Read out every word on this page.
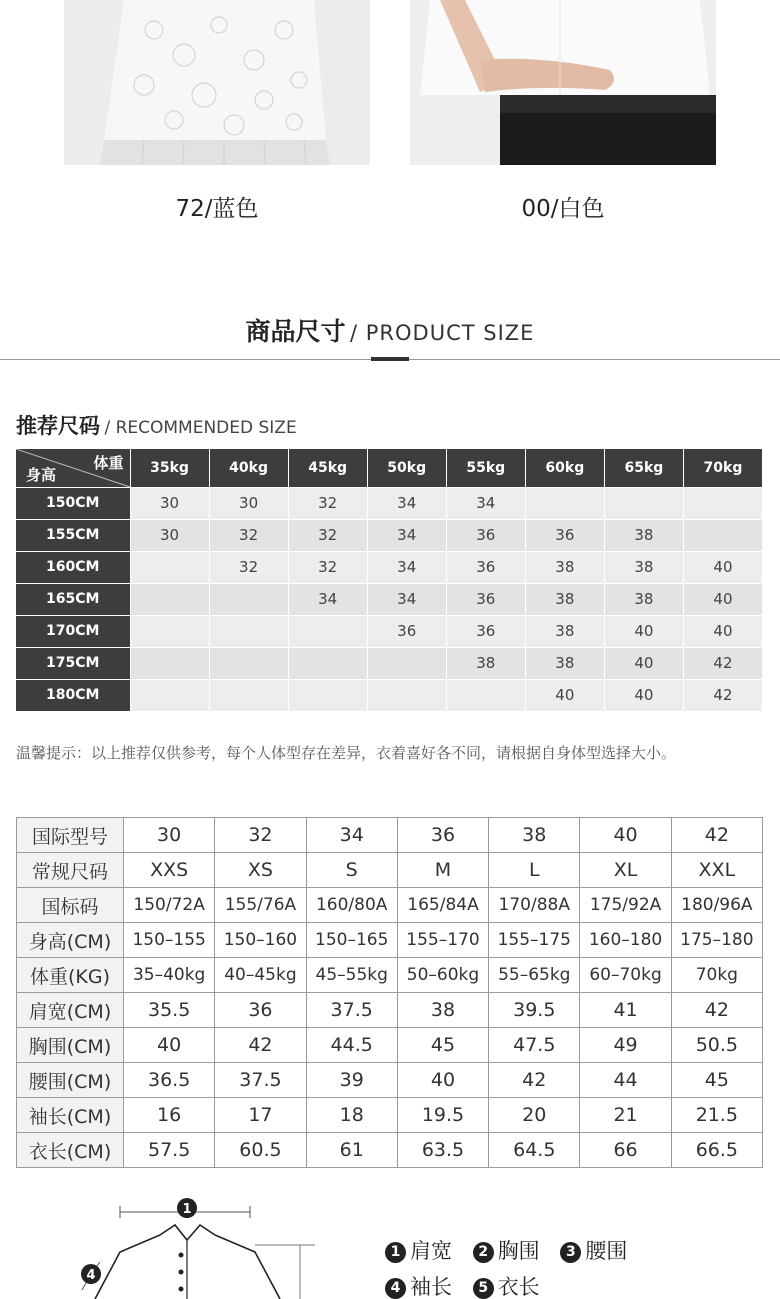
72/蓝色	00/白色
商品尺寸 / PRODUCT SIZE
推荐尺码 / RECOMMENDED SIZE
体重
身高	35kg	40kg	45kg	50kg	55kg	60kg	65kg	70kg
150CM	30	30	32	34	34			
155CM	30	32	32	34	36	36	38	
160CM		32	32	34	36	38	38	40
165CM			34	34	36	38	38	40
170CM				36	36	38	40	40
175CM					38	38	40	42
180CM						40	40	42
温馨提示：以上推荐仅供参考，每个人体型存在差异，衣着喜好各不同，请根据自身体型选择大小。
国际型号	30	32	34	36	38	40	42
常规尺码	XXS	XS	S	M	L	XL	XXL
国标码	150/72A	155/76A	160/80A	165/84A	170/88A	175/92A	180/96A
身高(CM)	150–155	150–160	150–165	155–170	155–175	160–180	175–180
体重(KG)	35–40kg	40–45kg	45–55kg	50–60kg	55–65kg	60–70kg	70kg
肩宽(CM)	35.5	36	37.5	38	39.5	41	42
胸围(CM)	40	42	44.5	45	47.5	49	50.5
腰围(CM)	36.5	37.5	39	40	42	44	45
袖长(CM)	16	17	18	19.5	20	21	21.5
衣长(CM)	57.5	60.5	61	63.5	64.5	66	66.5
1
4
1 肩宽 2 胸围 3 腰围
4 袖长 5 衣长
